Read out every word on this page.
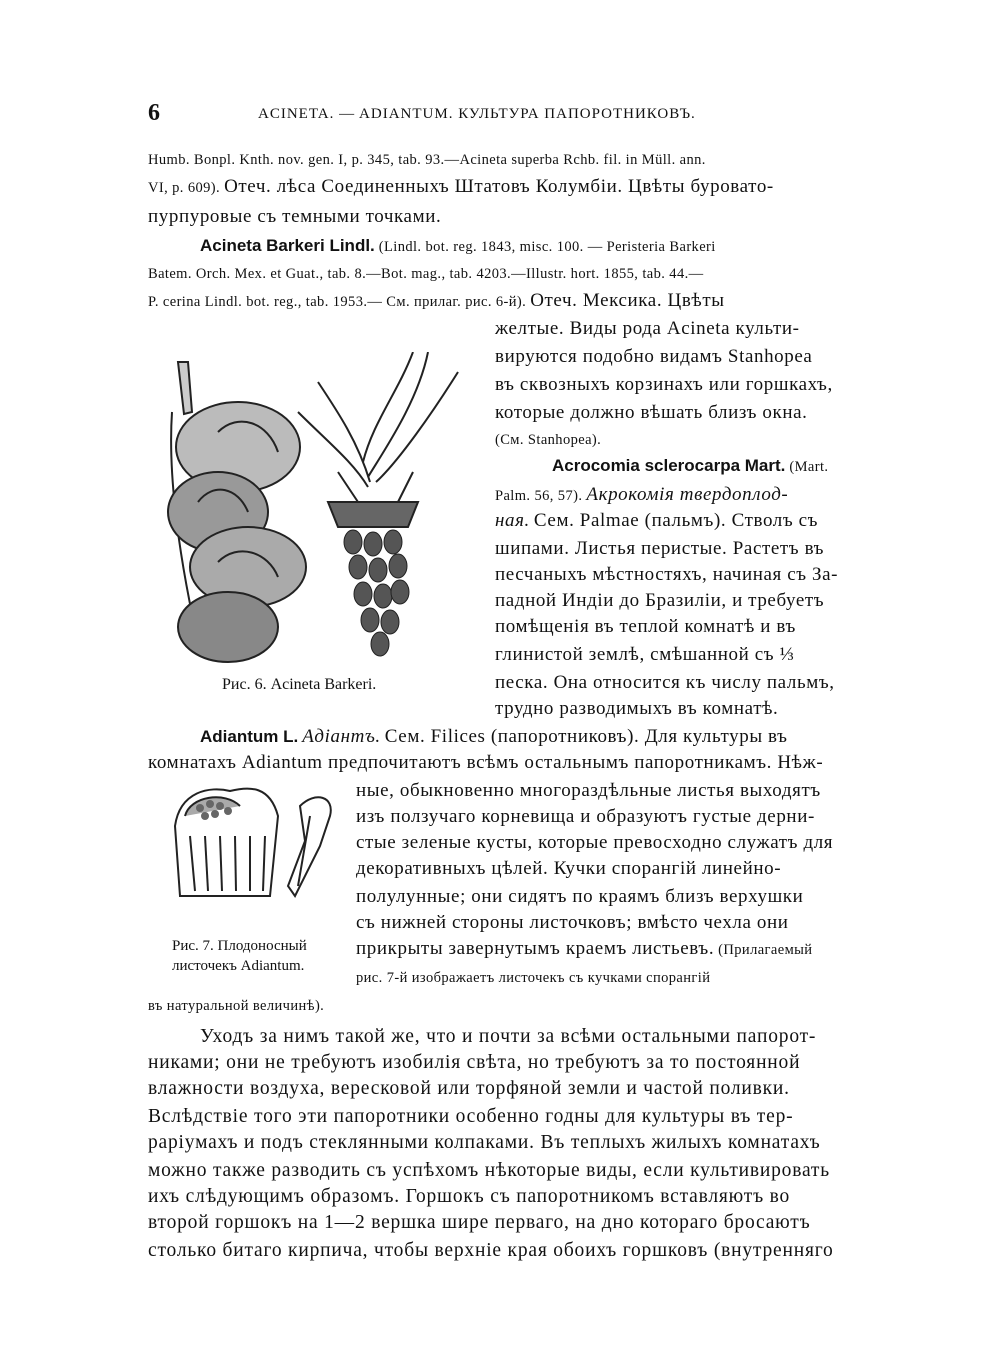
6	ACINETA. — ADIANTUM. КУЛЬТУРА ПАПОРОТНИКОВЪ.
Humb. Bonpl. Knth. nov. gen. I, p. 345, tab. 93.—Acineta superba Rchb. fil. in Müll. ann.
VI, p. 609). Отеч. лѣса Соединенныхъ Штатовъ Колумбiи. Цвѣты буровато-
пурпуровые съ темными точками.
Acineta Barkeri Lindl. (Lindl. bot. reg. 1843, misc. 100. — Peristeria Barkeri
Batem. Orch. Mex. et Guat., tab. 8.—Bot. mag., tab. 4203.—Illustr. hort. 1855, tab. 44.—
P. cerina Lindl. bot. reg., tab. 1953.— См. прилаг. рис. 6-й). Отеч. Мексика. Цвѣты
желтые. Виды рода Acineta культи-
вируются подобно видамъ Stanhopea
въ сквозныхъ корзинахъ или горшкахъ,
которые должно вѣшать близъ окна.
(См. Stanhopea).
Acrocomia sclerocarpa Mart. (Mart.
Palm. 56, 57). Акрокомiя твердоплод-
ная. Сем. Palmae (пальмъ). Стволъ съ
шипами. Листья перистые. Растетъ въ
песчаныхъ мѣстностяхъ, начиная съ За-
падной Индiи до Бразилiи, и требуетъ
помѣщенiя въ теплой комнатѣ и въ
глинистой землѣ, смѣшанной съ ⅓
песка. Она относится къ числу пальмъ,
трудно разводимыхъ въ комнатѣ.
Рис. 6. Acineta Barkeri.
Adiantum L. Адiантъ. Сем. Filices (папоротниковъ). Для культуры въ
комнатахъ Adiantum предпочитаютъ всѣмъ остальнымъ папоротникамъ. Нѣж-
ные, обыкновенно многораздѣльные листья выходятъ
изъ ползучаго корневища и образуютъ густые дерни-
стые зеленые кусты, которые превосходно служатъ для
декоративныхъ цѣлей. Кучки спорангiй линейно-
полулунные; они сидятъ по краямъ близъ верхушки
съ нижней стороны листочковъ; вмѣсто чехла они
прикрыты завернутымъ краемъ листьевъ. (Прилагаемый
рис. 7-й изображаетъ листочекъ съ кучками спорангiй
въ натуральной величинѣ).
Рис. 7. Плодоносный
листочекъ Adiantum.
Уходъ за нимъ такой же, что и почти за всѣми остальными папорот-
никами; они не требуютъ изобилiя свѣта, но требуютъ за то постоянной
влажности воздуха, вересковой или торфяной земли и частой поливки.
Вслѣдствiе того эти папоротники особенно годны для культуры въ тер-
рарiумахъ и подъ стеклянными колпаками. Въ теплыхъ жилыхъ комнатахъ
можно также разводить съ успѣхомъ нѣкоторые виды, если культивировать
ихъ слѣдующимъ образомъ. Горшокъ съ папоротникомъ вставляютъ во
второй горшокъ на 1—2 вершка шире перваго, на дно котораго бросаютъ
столько битаго кирпича, чтобы верхнiе края обоихъ горшковъ (внутренняго
